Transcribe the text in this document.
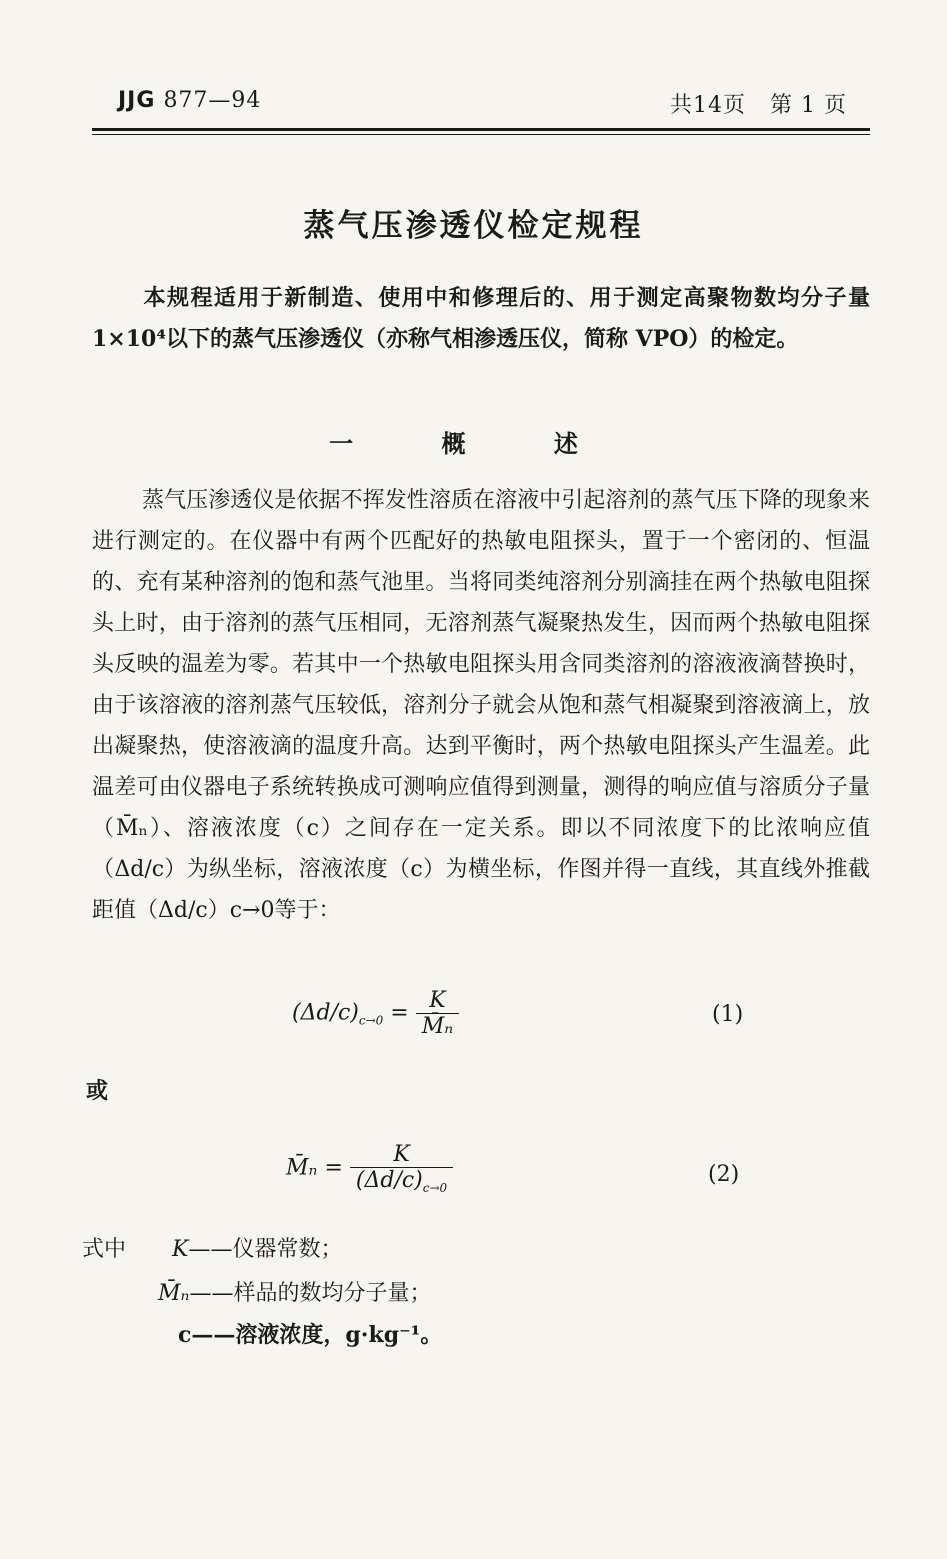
JJG 877—94	共14页 第 1 页
蒸气压渗透仪检定规程
本规程适用于新制造、使用中和修理后的、用于测定高聚物数均分子量1×10⁴以下的蒸气压渗透仪（亦称气相渗透压仪，简称 VPO）的检定。
一 概 述
蒸气压渗透仪是依据不挥发性溶质在溶液中引起溶剂的蒸气压下降的现象来进行测定的。在仪器中有两个匹配好的热敏电阻探头，置于一个密闭的、恒温的、充有某种溶剂的饱和蒸气池里。当将同类纯溶剂分别滴挂在两个热敏电阻探头上时，由于溶剂的蒸气压相同，无溶剂蒸气凝聚热发生，因而两个热敏电阻探头反映的温差为零。若其中一个热敏电阻探头用含同类溶剂的溶液液滴替换时，由于该溶液的溶剂蒸气压较低，溶剂分子就会从饱和蒸气相凝聚到溶液滴上，放出凝聚热，使溶液滴的温度升高。达到平衡时，两个热敏电阻探头产生温差。此温差可由仪器电子系统转换成可测响应值得到测量，测得的响应值与溶质分子量（M̄ₙ）、溶液浓度（c）之间存在一定关系。即以不同浓度下的比浓响应值（Δd/c）为纵坐标，溶液浓度（c）为横坐标，作图并得一直线，其直线外推截距值（Δd/c）c→0等于：
$(\Delta d/c)_{c\to 0} = \frac{K}{\text{M̄ₙ}}$	(1)
或
M̄ₙ = $\frac{K}{(\Delta d/c)_{c\to 0}}$	(2)
式中 K——仪器常数；
M̄ₙ——样品的数均分子量；
c——溶液浓度，g·kg⁻¹。
